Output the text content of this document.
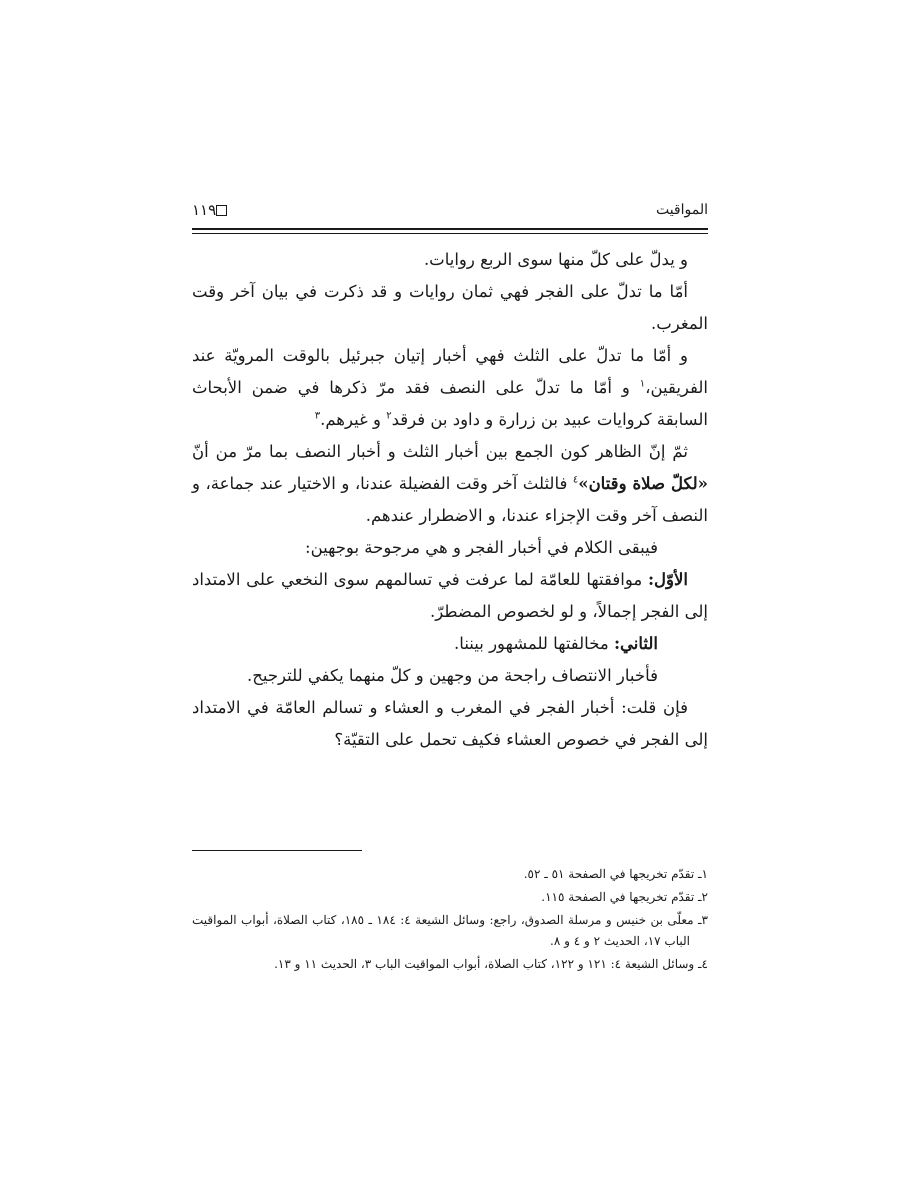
المواقيت
١١٩

و يدلّ على كلّ منها سوى الربع روايات.

أمّا ما تدلّ على الفجر فهي ثمان روايات و قد ذكرت في بيان آخر وقت المغرب.

و أمّا ما تدلّ على الثلث فهي أخبار إتيان جبرئيل بالوقت المرويّة عند الفريقين،$^١$ و أمّا ما تدلّ على النصف فقد مرّ ذكرها في ضمن الأبحاث السابقة كروايات عبيد بن زرارة و داود بن فرقد$^٢$ و غيرهم.$^٣$

ثمّ إنّ الظاهر كون الجمع بين أخبار الثلث و أخبار النصف بما مرّ من أنّ «لكلّ صلاة وقتان»$^٤$ فالثلث آخر وقت الفضيلة عندنا، و الاختيار عند جماعة، و النصف آخر وقت الإجزاء عندنا، و الاضطرار عندهم.

فيبقى الكلام في أخبار الفجر و هي مرجوحة بوجهين:

الأوّل: موافقتها للعامّة لما عرفت في تسالمهم سوى النخعي على الامتداد إلى الفجر إجمالاً، و لو لخصوص المضطرّ.

الثاني: مخالفتها للمشهور بيننا.

فأخبار الانتصاف راجحة من وجهين و كلّ منهما يكفي للترجيح.

فإن قلت: أخبار الفجر في المغرب و العشاء و تسالم العامّة في الامتداد إلى الفجر في خصوص العشاء فكيف تحمل على التقيّة؟

١ـ تقدّم تخريجها في الصفحة ٥١ ـ ٥٢.

٢ـ تقدّم تخريجها في الصفحة ١١٥.

٣ـ معلّى بن خنيس و مرسلة الصدوق، راجع: وسائل الشيعة ٤: ١٨٤ ـ ١٨٥، كتاب الصلاة، أبواب المواقيت الباب ١٧، الحديث ٢ و ٤ و ٨.

٤ـ وسائل الشيعة ٤: ١٢١ و ١٢٢، كتاب الصلاة، أبواب المواقيت الباب ٣، الحديث ١١ و ١٣.
